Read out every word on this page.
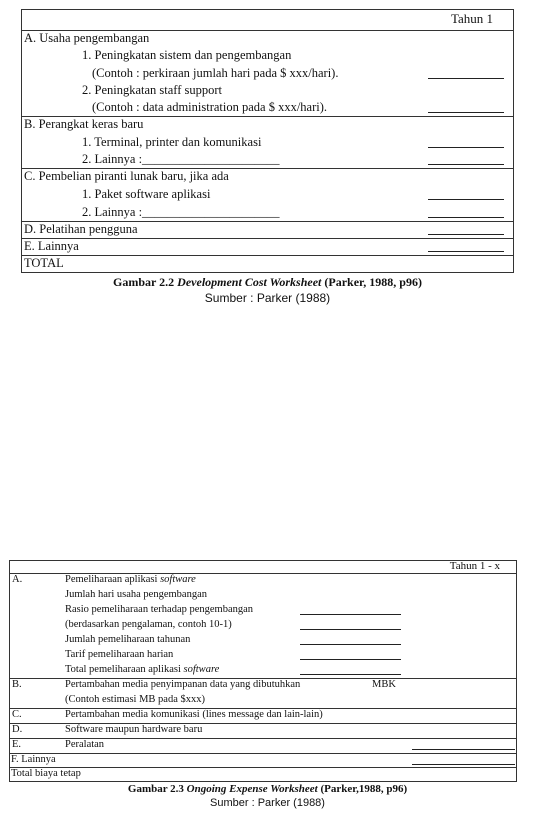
Tahun 1
A. Usaha pengembangan
1. Peningkatan sistem dan pengembangan
(Contoh : perkiraan jumlah hari pada $ xxx/hari).
2. Peningkatan staff support
(Contoh : data administration pada $ xxx/hari).
B. Perangkat keras baru
1. Terminal, printer dan komunikasi
2. Lainnya :______________________
C. Pembelian piranti lunak baru, jika ada
1. Paket software aplikasi
2. Lainnya :______________________
D. Pelatihan pengguna
E. Lainnya
TOTAL
Gambar 2.2 Development Cost Worksheet (Parker, 1988, p96)
Sumber : Parker (1988)
Tahun 1 - x
A.	Pemeliharaan aplikasi software
Jumlah hari usaha pengembangan
Rasio pemeliharaan terhadap pengembangan
(berdasarkan pengalaman, contoh 10-1)
Jumlah pemeliharaan tahunan
Tarif pemeliharaan harian
Total pemeliharaan aplikasi software
B.	Pertambahan media penyimpanan data yang dibutuhkan	MBK
(Contoh estimasi MB pada $xxx)
C.	Pertambahan media komunikasi (lines message dan lain-lain)
D.	Software maupun hardware baru
E.	Peralatan
F. Lainnya
Total biaya tetap
Gambar 2.3 Ongoing Expense Worksheet (Parker,1988, p96)
Sumber : Parker (1988)
